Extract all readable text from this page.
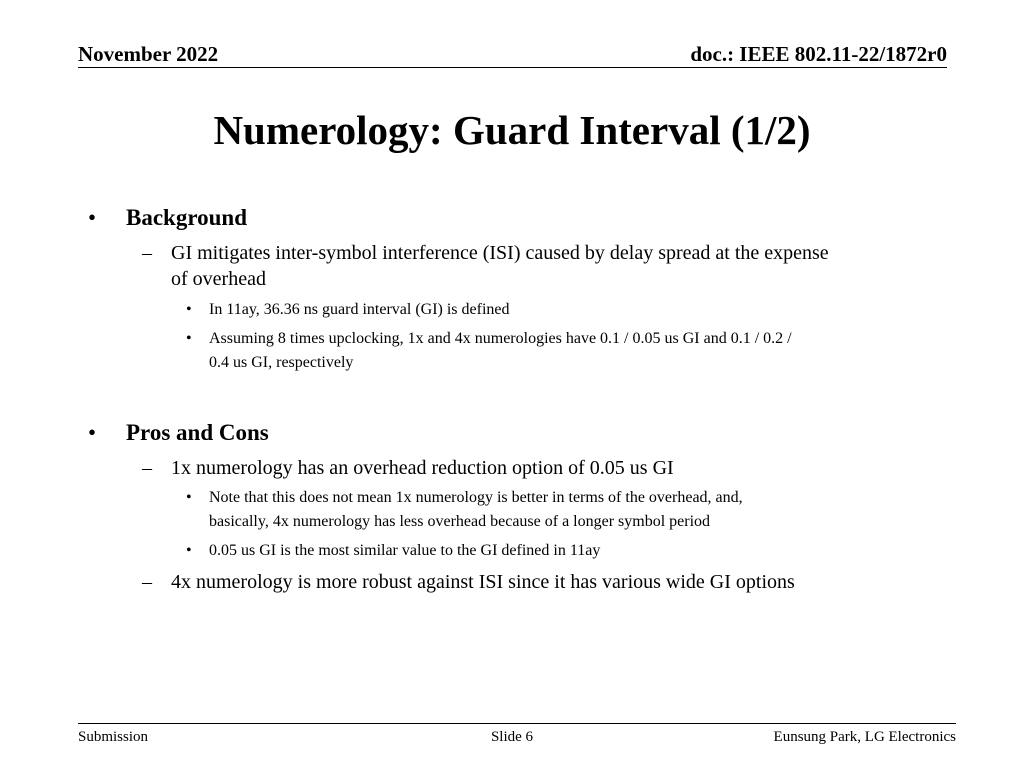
November 2022	doc.: IEEE 802.11-22/1872r0
Numerology: Guard Interval (1/2)
• Background
– GI mitigates inter-symbol interference (ISI) caused by delay spread at the expense
of overhead
• In 11ay, 36.36 ns guard interval (GI) is defined
• Assuming 8 times upclocking, 1x and 4x numerologies have 0.1 / 0.05 us GI and 0.1 / 0.2 /
0.4 us GI, respectively
• Pros and Cons
– 1x numerology has an overhead reduction option of 0.05 us GI
• Note that this does not mean 1x numerology is better in terms of the overhead, and,
basically, 4x numerology has less overhead because of a longer symbol period
• 0.05 us GI is the most similar value to the GI defined in 11ay
– 4x numerology is more robust against ISI since it has various wide GI options
Submission	Slide 6	Eunsung Park, LG Electronics
